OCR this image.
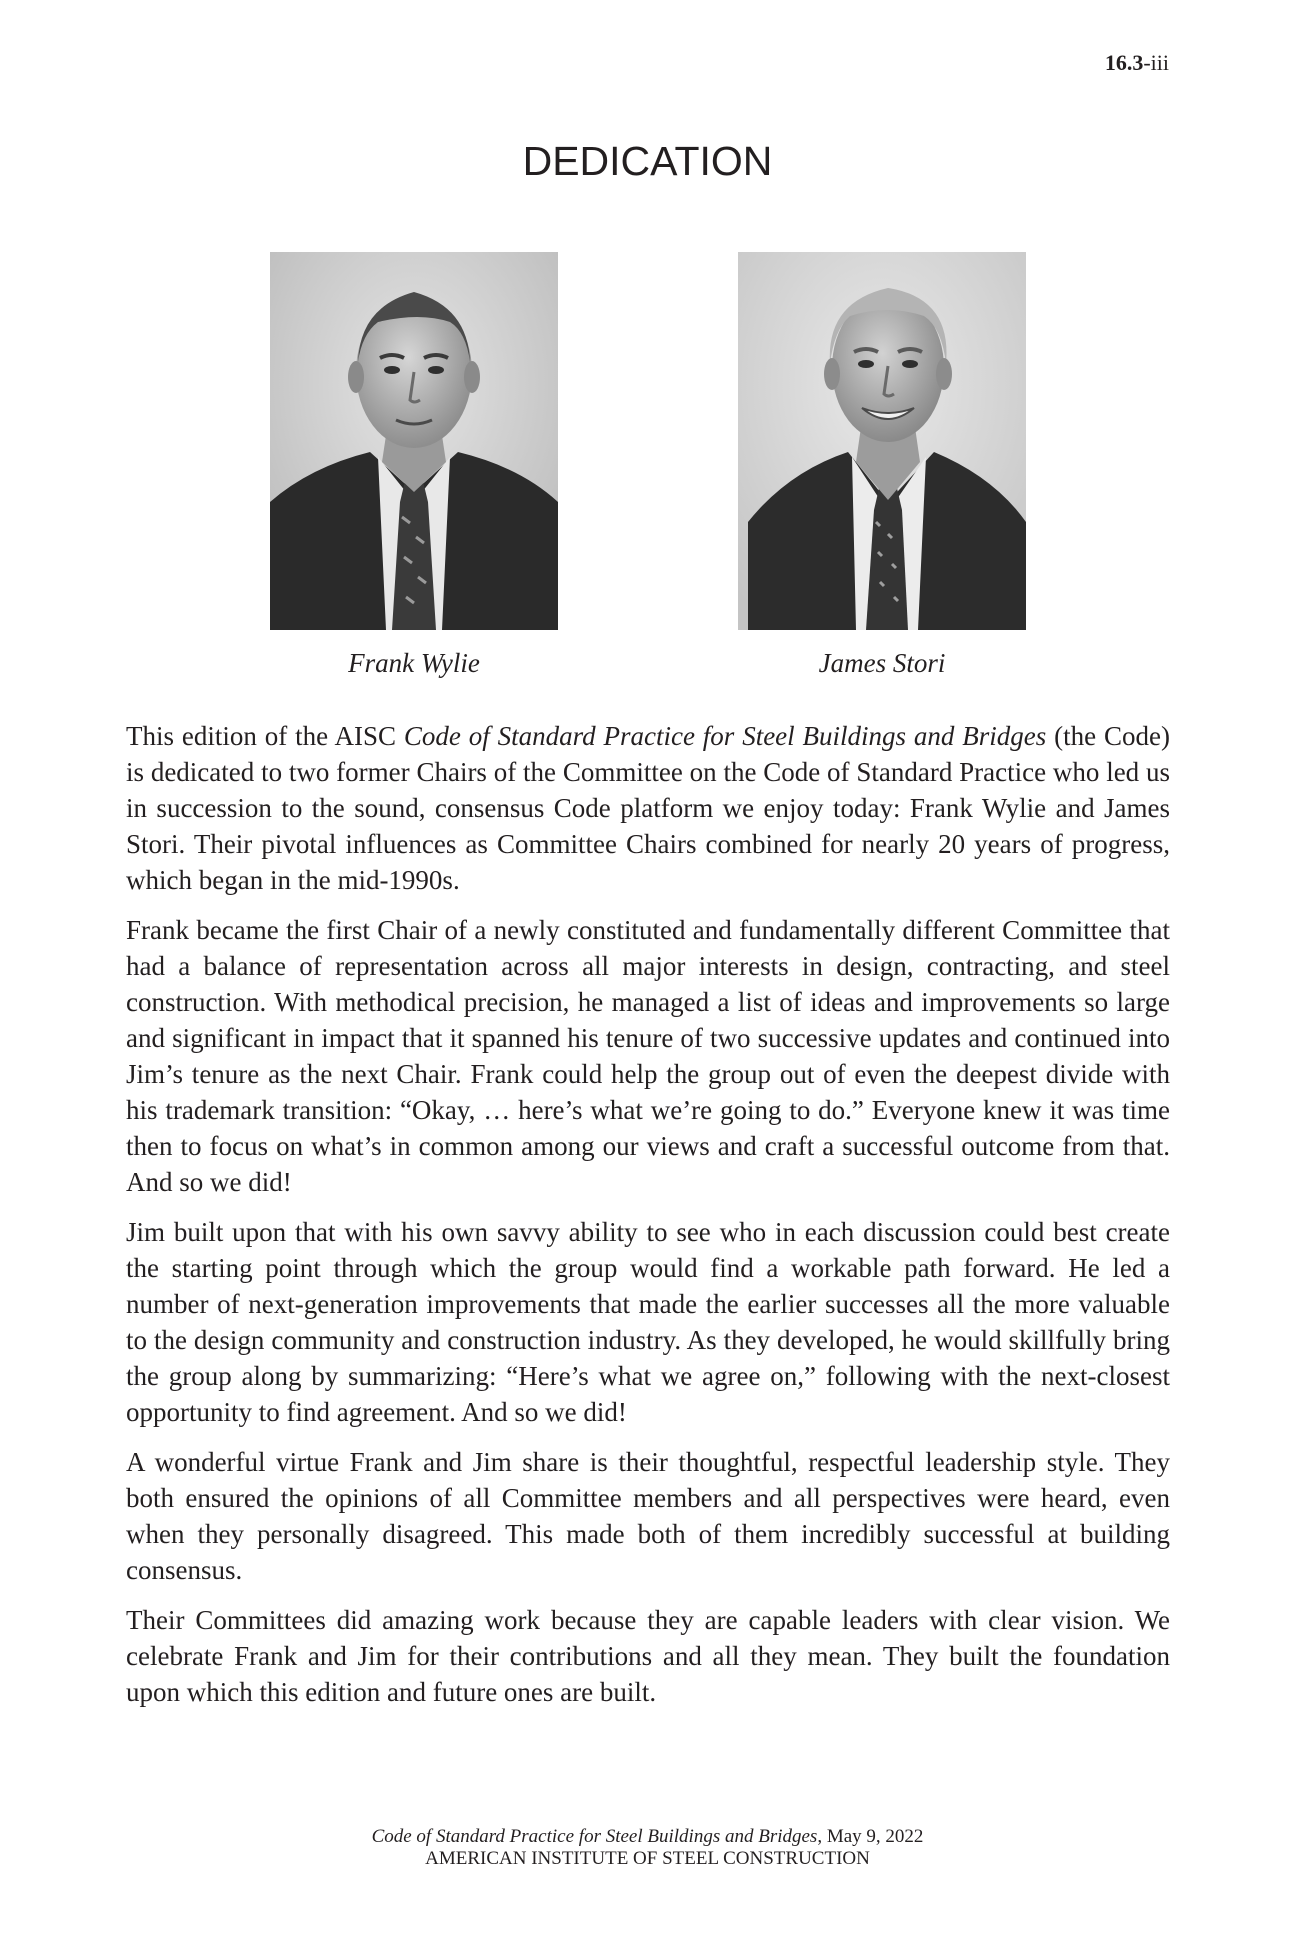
16.3-iii
DEDICATION
Frank Wylie	James Stori

This edition of the AISC Code of Standard Practice for Steel Buildings and Bridges (the Code) is dedicated to two former Chairs of the Committee on the Code of Standard Practice who led us in succession to the sound, consensus Code platform we enjoy today: Frank Wylie and James Stori. Their pivotal influences as Committee Chairs combined for nearly 20 years of progress, which began in the mid-1990s.

Frank became the first Chair of a newly constituted and fundamentally different Committee that had a balance of representation across all major interests in design, contracting, and steel construction. With methodical precision, he managed a list of ideas and improvements so large and significant in impact that it spanned his tenure of two successive updates and continued into Jim’s tenure as the next Chair. Frank could help the group out of even the deepest divide with his trademark transition: “Okay, … here’s what we’re going to do.” Everyone knew it was time then to focus on what’s in common among our views and craft a successful outcome from that. And so we did!

Jim built upon that with his own savvy ability to see who in each discussion could best create the starting point through which the group would find a workable path forward. He led a number of next-generation improvements that made the earlier successes all the more valuable to the design community and construction industry. As they developed, he would skillfully bring the group along by summarizing: “Here’s what we agree on,” following with the next-closest opportunity to find agreement. And so we did!

A wonderful virtue Frank and Jim share is their thoughtful, respectful leadership style. They both ensured the opinions of all Committee members and all perspectives were heard, even when they personally disagreed. This made both of them incredibly successful at building consensus.

Their Committees did amazing work because they are capable leaders with clear vision. We celebrate Frank and Jim for their contributions and all they mean. They built the foundation upon which this edition and future ones are built.

Code of Standard Practice for Steel Buildings and Bridges, May 9, 2022
AMERICAN INSTITUTE OF STEEL CONSTRUCTION
